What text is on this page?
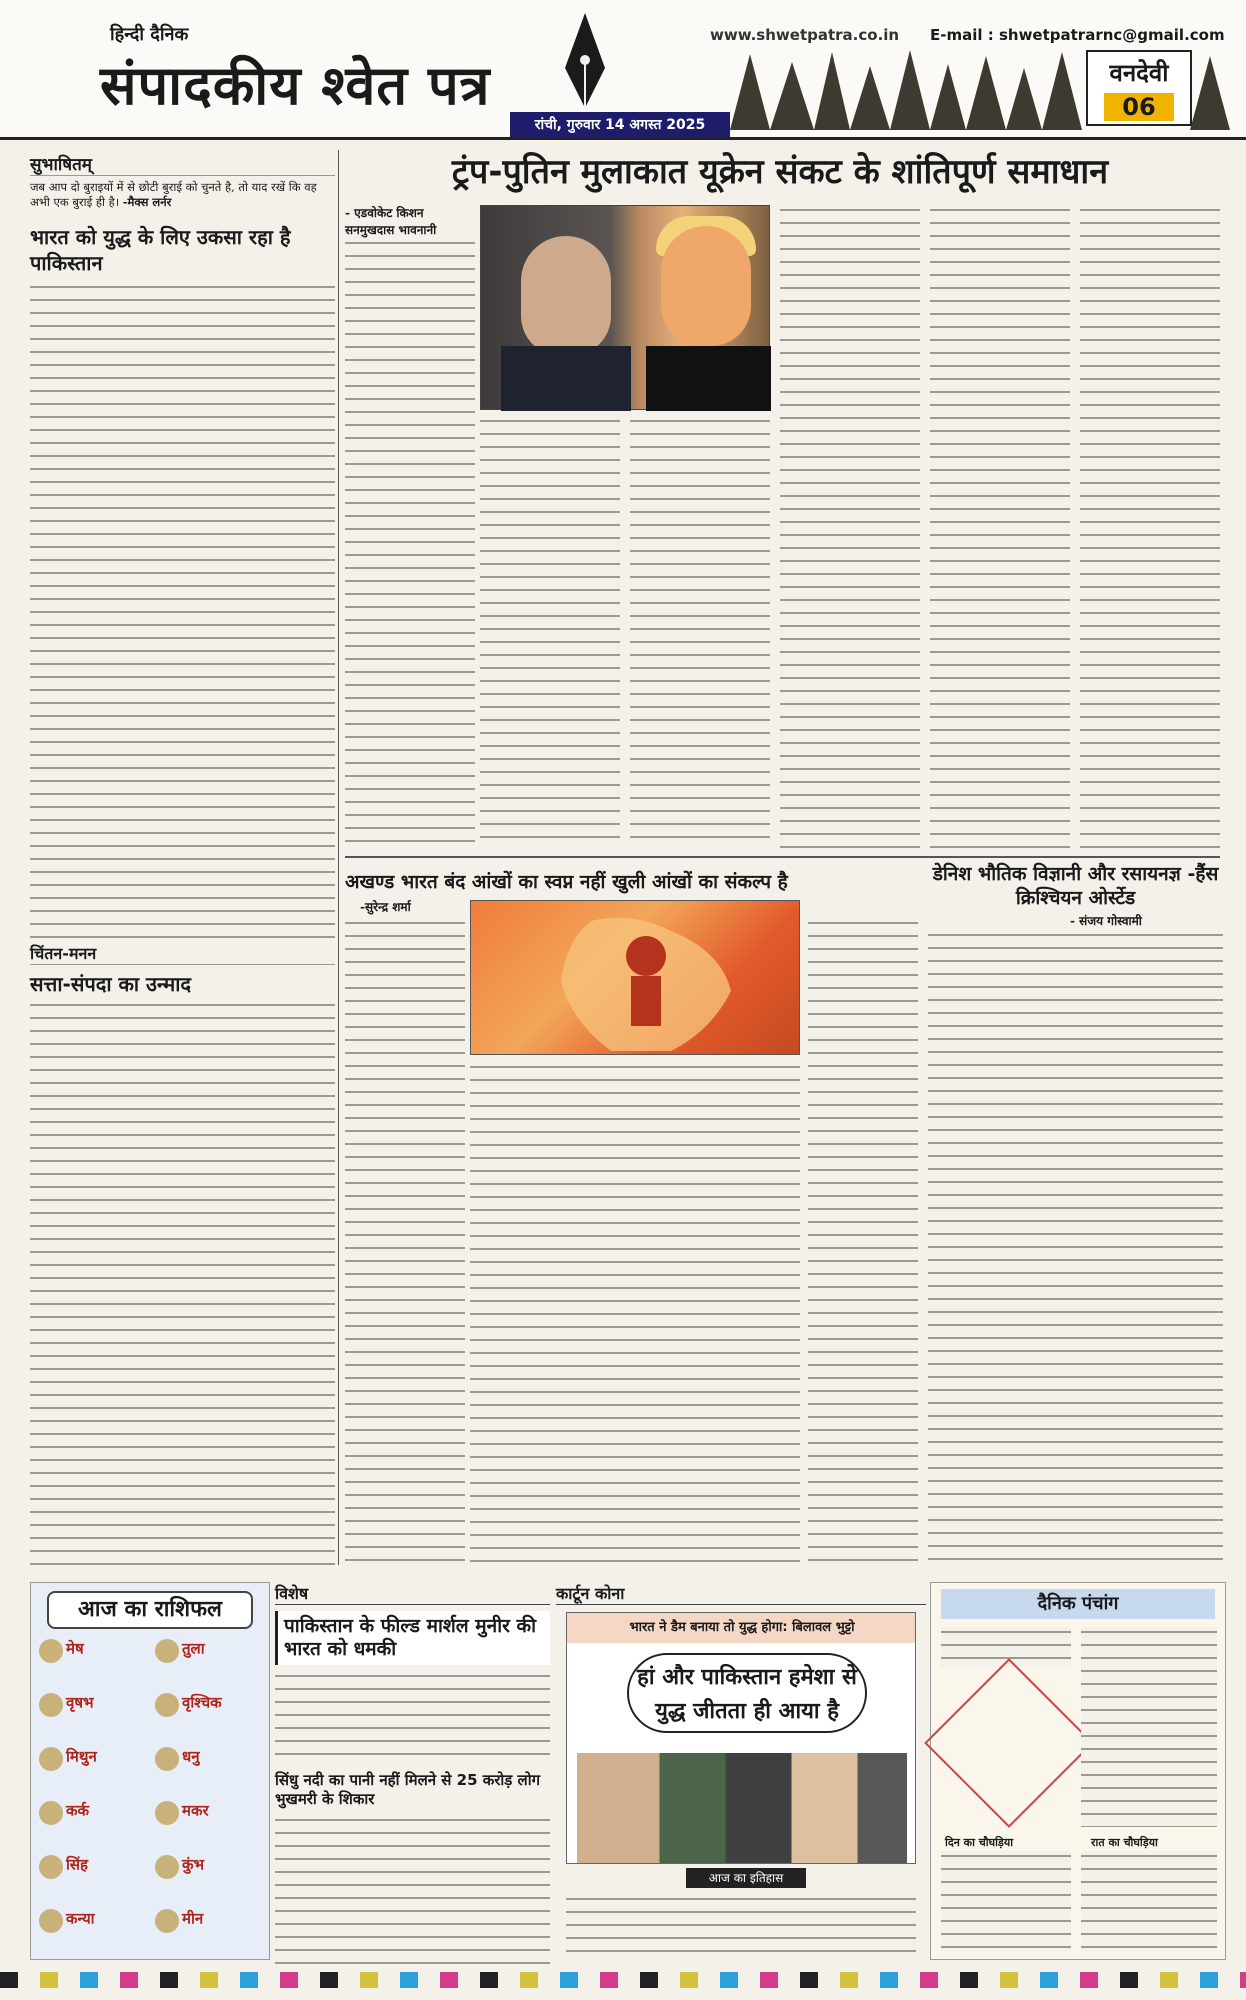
हिन्दी दैनिक
संपादकीय श्वेत पत्र
रांची, गुरुवार 14 अगस्त 2025
www.shwetpatra.co.in E-mail : shwetpatrarnc@gmail.com
वनदेवी
06
सुभाषितम्
जब आप दो बुराइयों में से छोटी बुराई को चुनते है, तो याद रखें कि वह अभी एक बुराई ही है। -मैक्स लर्नर
भारत को युद्ध के लिए उकसा रहा है पाकिस्तान
चिंतन-मनन
सत्ता-संपदा का उन्माद
ट्रंप-पुतिन मुलाकात यूक्रेन संकट के शांतिपूर्ण समाधान
- एडवोकेट किशन
सनमुखदास भावनानी
अखण्ड भारत बंद आंखों का स्वप्न नहीं खुली आंखों का संकल्प है
-सुरेन्द्र शर्मा
डेनिश भौतिक विज्ञानी और रसायनज्ञ -हैंस क्रिश्चियन ओर्स्टेड
- संजय गोस्वामी
आज का राशिफल
मेष	तुला
वृषभ	वृश्चिक
मिथुन	धनु
कर्क	मकर
सिंह	कुंभ
कन्या	मीन
विशेष
पाकिस्तान के फील्ड मार्शल मुनीर की भारत को धमकी
सिंधु नदी का पानी नहीं मिलने से 25 करोड़ लोग भुखमरी के शिकार
कार्टून कोना
भारत ने डैम बनाया तो युद्ध होगा: बिलावल भुट्टो
हां और पाकिस्तान हमेशा से युद्ध जीतता ही आया है
आज का इतिहास
दैनिक पंचांग
दिन का चौघड़िया	रात का चौघड़िया
